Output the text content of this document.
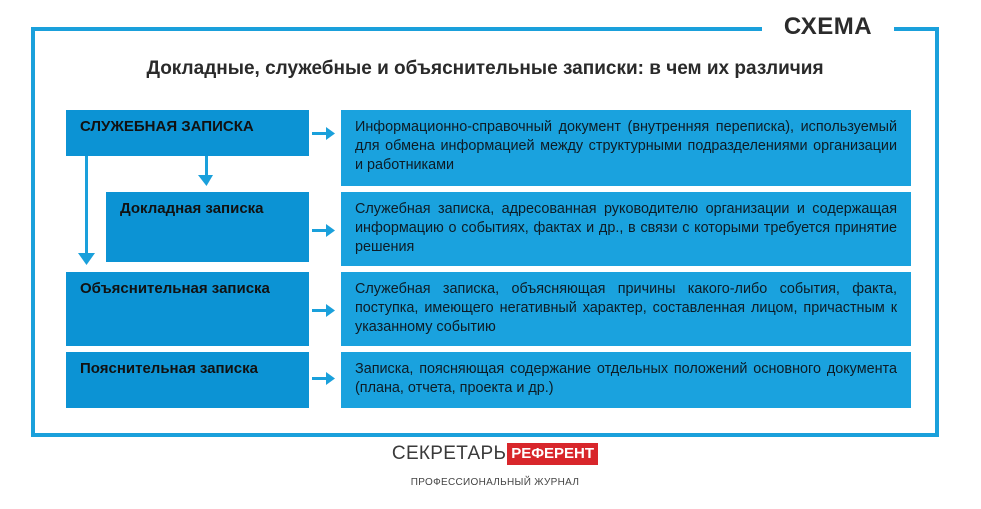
СХЕМА
Докладные, служебные и объяснительные записки: в чем их различия
СЛУЖЕБНАЯ ЗАПИСКА	Информационно-справочный документ (внутренняя переписка), используемый для обмена информацией между структурными подразделениями организации и работниками
Докладная записка	Служебная записка, адресованная руководителю организации и содержащая информацию о событиях, фактах и др., в связи с которыми требуется принятие решения
Объяснительная записка	Служебная записка, объясняющая причины какого-либо события, факта, поступка, имеющего негативный характер, составленная лицом, причастным к указанному событию
Пояснительная записка	Записка, поясняющая содержание отдельных положений основного документа (плана, отчета, проекта и др.)
СЕКРЕТАРЬ РЕФЕРЕНТ
ПРОФЕССИОНАЛЬНЫЙ ЖУРНАЛ
